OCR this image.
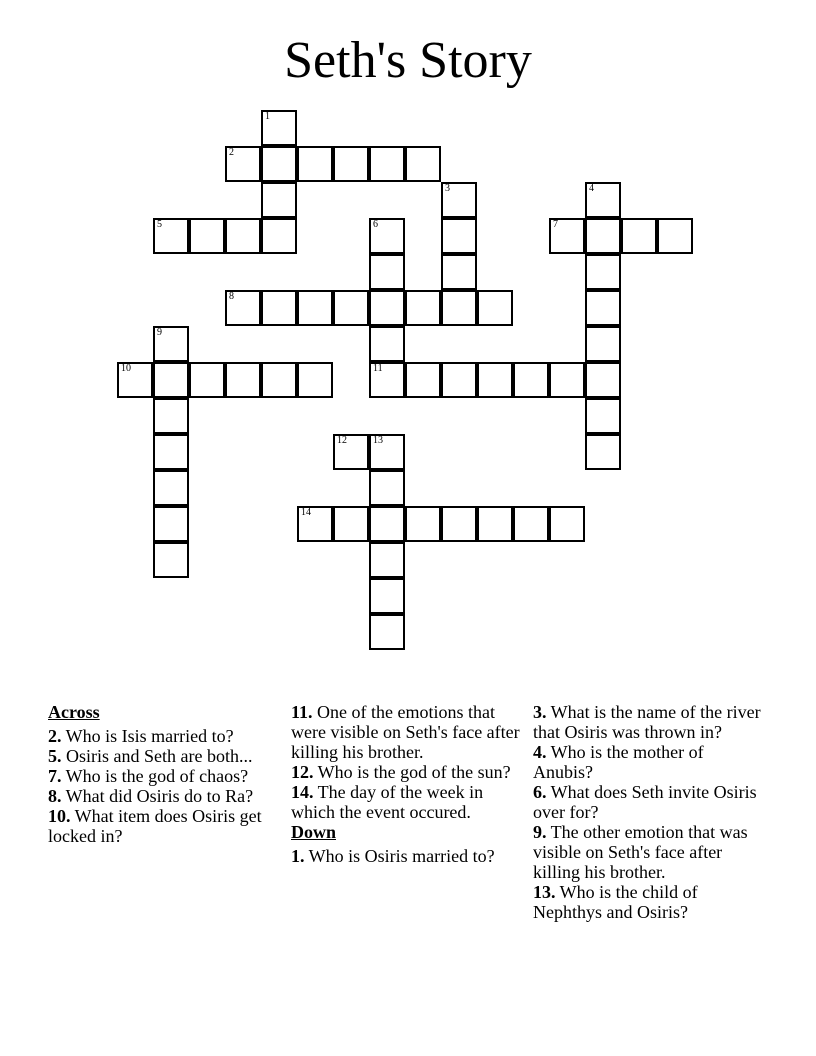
Seth's Story
1
2
3	4
5	6
11
7
8
9
10
12	13
14
Across
2. Who is Isis married to?
5. Osiris and Seth are both...
7. Who is the god of chaos?
8. What did Osiris do to Ra?
10. What item does Osiris get locked in?
11. One of the emotions that were visible on Seth's face after killing his brother.
12. Who is the god of the sun?
14. The day of the week in which the event occured.
Down
1. Who is Osiris married to?
3. What is the name of the river that Osiris was thrown in?
4. Who is the mother of Anubis?
6. What does Seth invite Osiris over for?
9. The other emotion that was visible on Seth's face after killing his brother.
13. Who is the child of Nephthys and Osiris?
